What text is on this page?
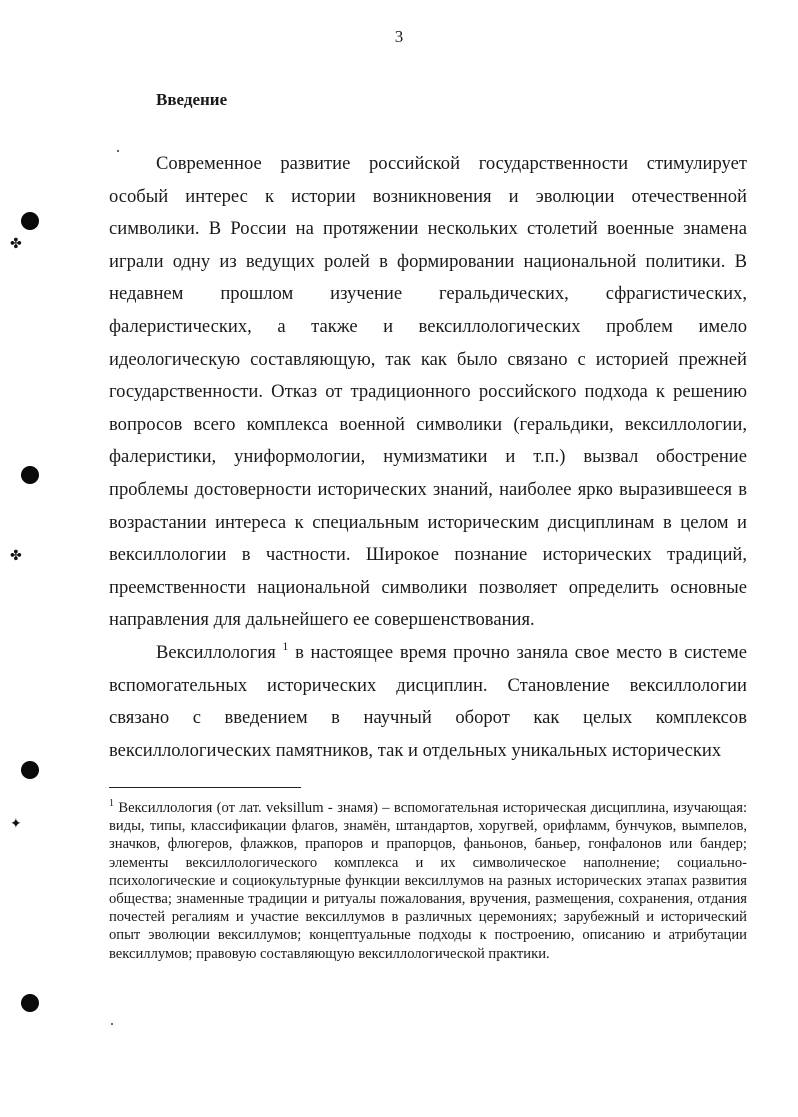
3
Введение

Современное развитие российской государственности стимулирует особый интерес к истории возникновения и эволюции отечественной символики. В России на протяжении нескольких столетий военные знамена играли одну из ведущих ролей в формировании национальной политики. В недавнем прошлом изучение геральдических, сфрагистических, фалеристических, а также и вексиллологических проблем имело идеологическую составляющую, так как было связано с историей прежней государственности. Отказ от традиционного российского подхода к решению вопросов всего комплекса военной символики (геральдики, вексиллологии, фалеристики, униформологии, нумизматики и т.п.) вызвал обострение проблемы достоверности исторических знаний, наиболее ярко выразившееся в возрастании интереса к специальным историческим дисциплинам в целом и вексиллологии в частности. Широкое познание исторических традиций, преемственности национальной символики позволяет определить основные направления для дальнейшего ее совершенствования.

Вексиллология $^1$ в настоящее время прочно заняла свое место в системе вспомогательных исторических дисциплин. Становление вексиллологии связано с введением в научный оборот как целых комплексов вексиллологических памятников, так и отдельных уникальных исторических

$^1$ Вексиллология (от лат. veksillum - знамя) – вспомогательная историческая дисциплина, изучающая: виды, типы, классификации флагов, знамён, штандартов, хоругвей, орифламм, бунчуков, вымпелов, значков, флюгеров, флажков, прапоров и прапорцов, фаньонов, баньер, гонфалонов или бандер; элементы вексиллологического комплекса и их символическое наполнение; социально-психологические и социокультурные функции вексиллумов на разных исторических этапах развития общества; знаменные традиции и ритуалы пожалования, вручения, размещения, сохранения, отдания почестей регалиям и участие вексиллумов в различных церемониях; зарубежный и исторический опыт эволюции вексиллумов; концептуальные подходы к построению, описанию и атрибутации вексиллумов; правовую составляющую вексиллологической практики.
✤
✤
✦
